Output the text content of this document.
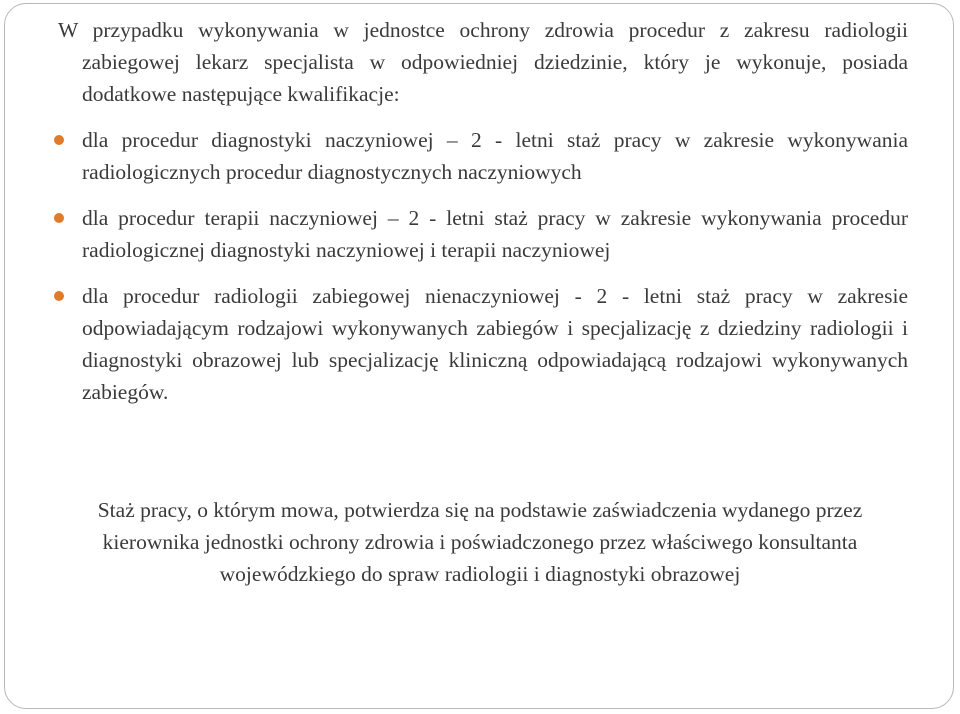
W przypadku wykonywania w jednostce ochrony zdrowia procedur z zakresu radiologii zabiegowej lekarz specjalista w odpowiedniej dziedzinie, który je wykonuje, posiada dodatkowe następujące kwalifikacje:

dla procedur diagnostyki naczyniowej – 2 - letni staż pracy w zakresie wykonywania radiologicznych procedur diagnostycznych naczyniowych
dla procedur terapii naczyniowej – 2 - letni staż pracy w zakresie wykonywania procedur radiologicznej diagnostyki naczyniowej i terapii naczyniowej
dla procedur radiologii zabiegowej nienaczyniowej - 2 - letni staż pracy w zakresie odpowiadającym rodzajowi wykonywanych zabiegów i specjalizację z dziedziny radiologii i diagnostyki obrazowej lub specjalizację kliniczną odpowiadającą rodzajowi wykonywanych zabiegów.

Staż pracy, o którym mowa, potwierdza się na podstawie zaświadczenia wydanego przez kierownika jednostki ochrony zdrowia i poświadczonego przez właściwego konsultanta wojewódzkiego do spraw radiologii i diagnostyki obrazowej
